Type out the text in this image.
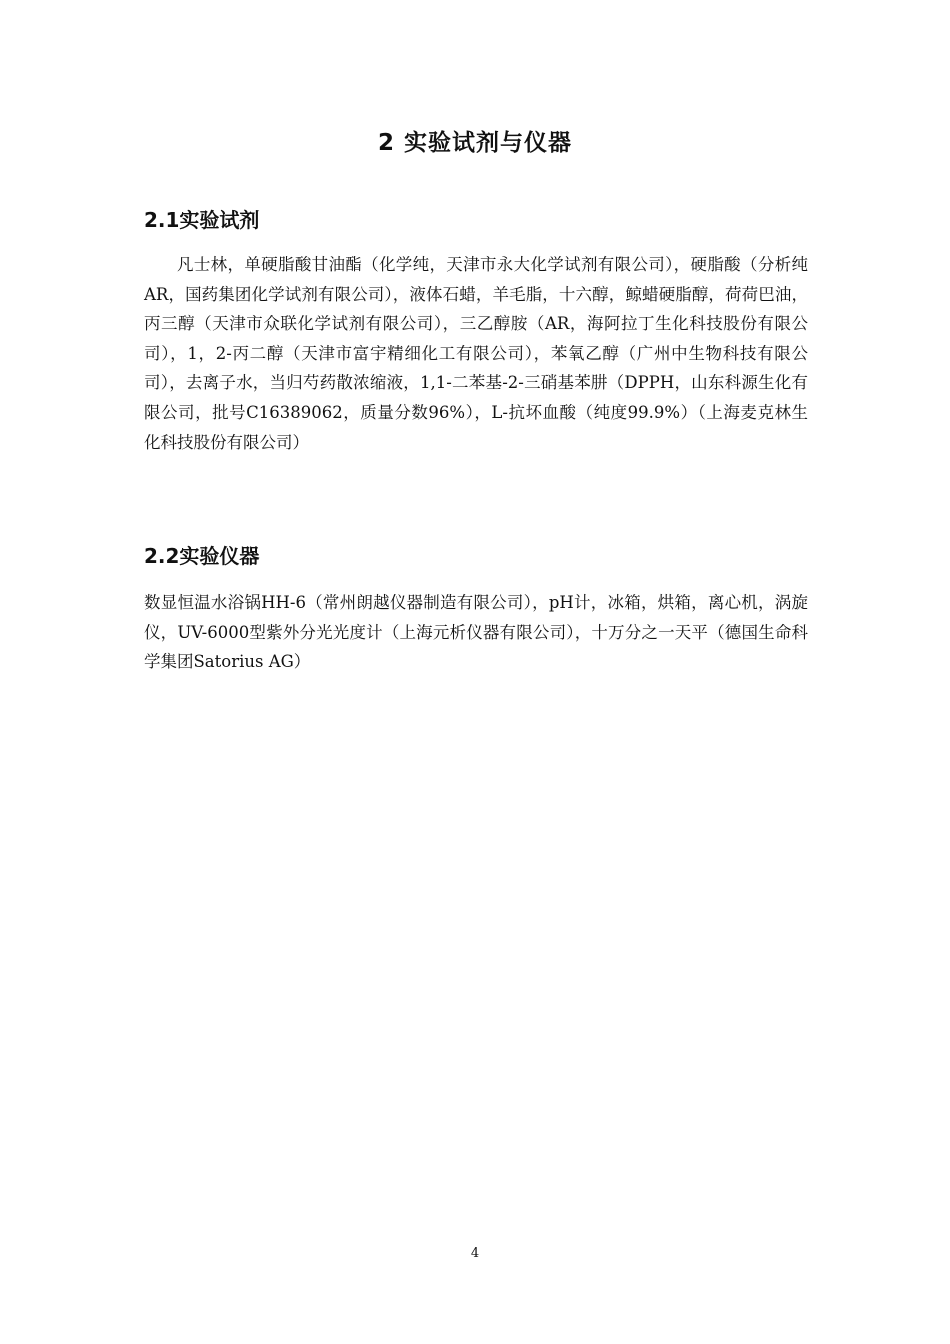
2 实验试剂与仪器
2.1实验试剂

凡士林，单硬脂酸甘油酯（化学纯，天津市永大化学试剂有限公司），硬脂酸（分析纯AR，国药集团化学试剂有限公司），液体石蜡，羊毛脂，十六醇，鲸蜡硬脂醇，荷荷巴油，丙三醇（天津市众联化学试剂有限公司），三乙醇胺（AR，海阿拉丁生化科技股份有限公司），1，2-丙二醇（天津市富宇精细化工有限公司），苯氧乙醇（广州中生物科技有限公司），去离子水，当归芍药散浓缩液，1,1-二苯基-2-三硝基苯肼（DPPH，山东科源生化有限公司，批号C16389062，质量分数96%），L-抗坏血酸（纯度99.9%）（上海麦克林生化科技股份有限公司）

2.2实验仪器

数显恒温水浴锅HH-6（常州朗越仪器制造有限公司），pH计，冰箱，烘箱，离心机，涡旋仪，UV-6000型紫外分光光度计（上海元析仪器有限公司），十万分之一天平（德国生命科学集团Satorius AG）

4
